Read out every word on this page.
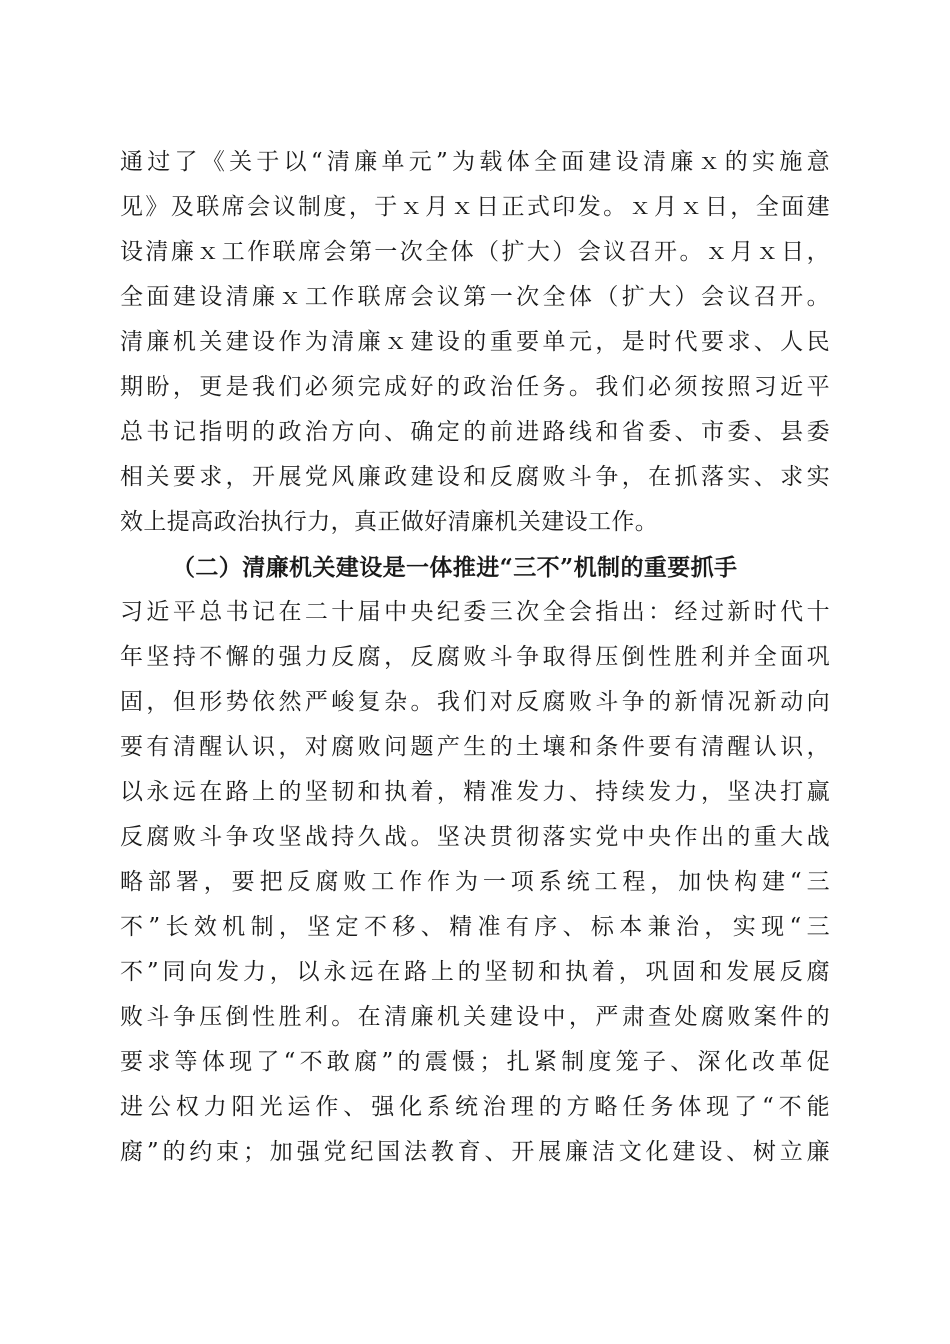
通过了《关于以“清廉单元”为载体全面建设清廉ｘ的实施意
见》及联席会议制度，于ｘ月ｘ日正式印发。ｘ月ｘ日，全面建
设清廉ｘ工作联席会第一次全体（扩大）会议召开。ｘ月ｘ日，
全面建设清廉ｘ工作联席会议第一次全体（扩大）会议召开。
清廉机关建设作为清廉ｘ建设的重要单元，是时代要求、人民
期盼，更是我们必须完成好的政治任务。我们必须按照习近平
总书记指明的政治方向、确定的前进路线和省委、市委、县委
相关要求，开展党风廉政建设和反腐败斗争，在抓落实、求实
效上提高政治执行力，真正做好清廉机关建设工作。
（二）清廉机关建设是一体推进“三不”机制的重要抓手
习近平总书记在二十届中央纪委三次全会指出：经过新时代十
年坚持不懈的强力反腐，反腐败斗争取得压倒性胜利并全面巩
固，但形势依然严峻复杂。我们对反腐败斗争的新情况新动向
要有清醒认识，对腐败问题产生的土壤和条件要有清醒认识，
以永远在路上的坚韧和执着，精准发力、持续发力，坚决打赢
反腐败斗争攻坚战持久战。坚决贯彻落实党中央作出的重大战
略部署，要把反腐败工作作为一项系统工程，加快构建“三
不”长效机制，坚定不移、精准有序、标本兼治，实现“三
不”同向发力，以永远在路上的坚韧和执着，巩固和发展反腐
败斗争压倒性胜利。在清廉机关建设中，严肃查处腐败案件的
要求等体现了“不敢腐”的震慑；扎紧制度笼子、深化改革促
进公权力阳光运作、强化系统治理的方略任务体现了“不能
腐”的约束；加强党纪国法教育、开展廉洁文化建设、树立廉
